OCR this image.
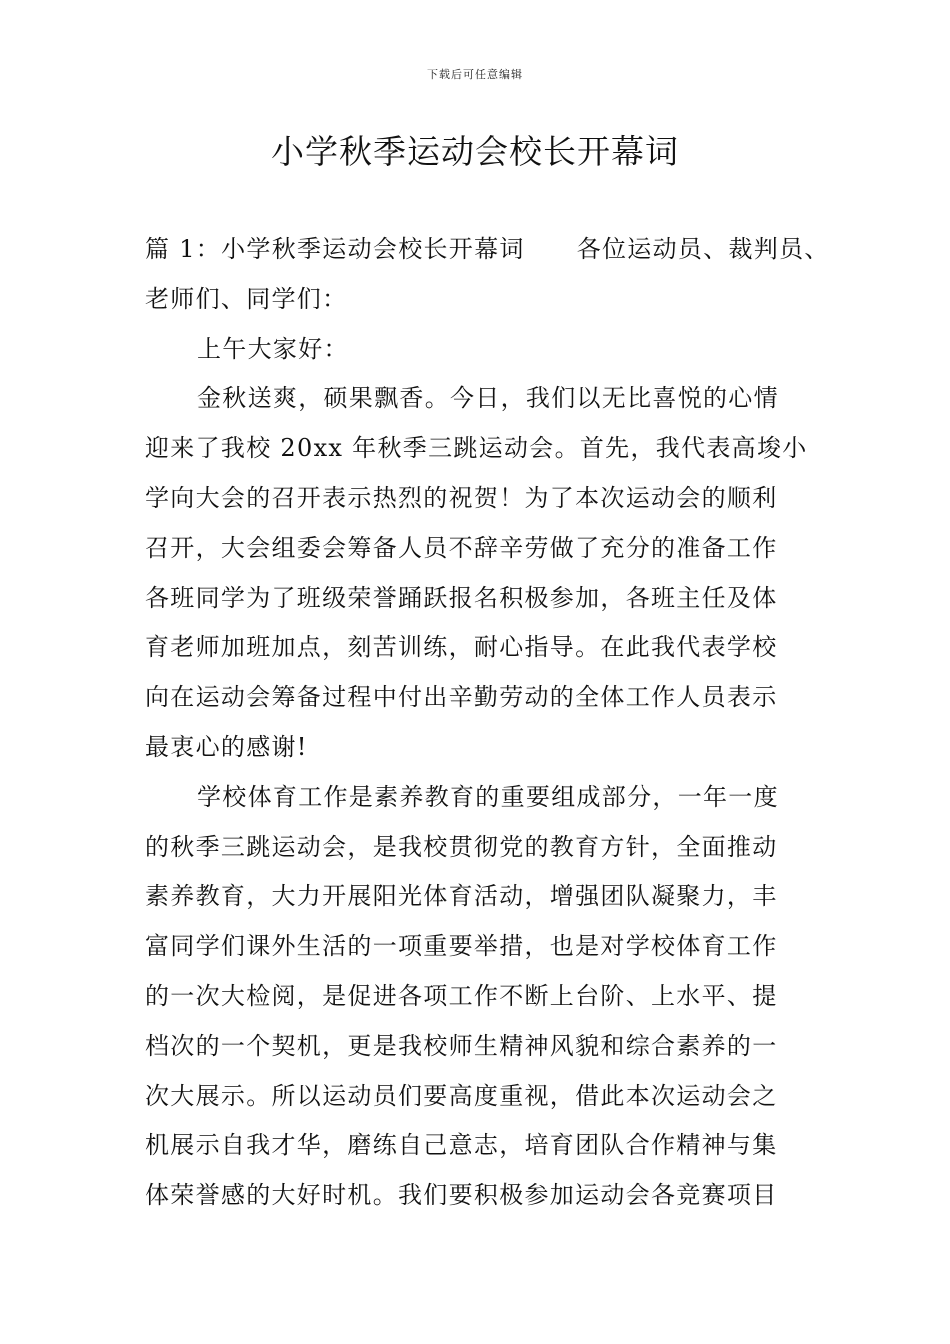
下载后可任意编辑
小学秋季运动会校长开幕词
篇 1：小学秋季运动会校长开幕词 各位运动员、裁判员、
老师们、同学们：
上午大家好：
金秋送爽，硕果飘香。今日，我们以无比喜悦的心情
迎来了我校 20xx 年秋季三跳运动会。首先，我代表高埈小
学向大会的召开表示热烈的祝贺！为了本次运动会的顺利
召开，大会组委会筹备人员不辞辛劳做了充分的准备工作
各班同学为了班级荣誉踊跃报名积极参加，各班主任及体
育老师加班加点，刻苦训练，耐心指导。在此我代表学校
向在运动会筹备过程中付出辛勤劳动的全体工作人员表示
最衷心的感谢!
学校体育工作是素养教育的重要组成部分，一年一度
的秋季三跳运动会，是我校贯彻党的教育方针，全面推动
素养教育，大力开展阳光体育活动，增强团队凝聚力，丰
富同学们课外生活的一项重要举措，也是对学校体育工作
的一次大检阅，是促进各项工作不断上台阶、上水平、提
档次的一个契机，更是我校师生精神风貌和综合素养的一
次大展示。所以运动员们要高度重视，借此本次运动会之
机展示自我才华，磨练自己意志，培育团队合作精神与集
体荣誉感的大好时机。我们要积极参加运动会各竞赛项目
